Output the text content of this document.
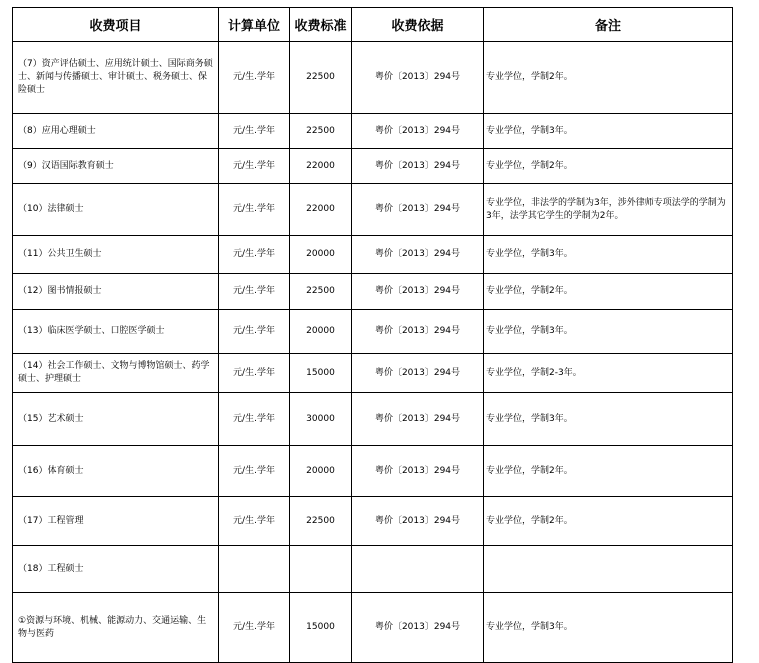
收费项目	计算单位	收费标准	收费依据	备注

（7）资产评估硕士、应用统计硕士、国际商务硕士、新闻与传播硕士、审计硕士、税务硕士、保险硕士	元/生.学年	22500	粤价〔2013〕294号	专业学位，学制2年。

（8）应用心理硕士	元/生.学年	22500	粤价〔2013〕294号	专业学位，学制3年。

（9）汉语国际教育硕士	元/生.学年	22000	粤价〔2013〕294号	专业学位，学制2年。

（10）法律硕士	元/生.学年	22000	粤价〔2013〕294号	专业学位，非法学的学制为3年，涉外律师专项法学的学制为3年，法学其它学生的学制为2年。

（11）公共卫生硕士	元/生.学年	20000	粤价〔2013〕294号	专业学位，学制3年。

（12）图书情报硕士	元/生.学年	22500	粤价〔2013〕294号	专业学位，学制2年。

（13）临床医学硕士、口腔医学硕士	元/生.学年	20000	粤价〔2013〕294号	专业学位，学制3年。

（14）社会工作硕士、文物与博物馆硕士、药学硕士、护理硕士	元/生.学年	15000	粤价〔2013〕294号	专业学位，学制2-3年。

（15）艺术硕士	元/生.学年	30000	粤价〔2013〕294号	专业学位，学制3年。

（16）体育硕士	元/生.学年	20000	粤价〔2013〕294号	专业学位，学制2年。

（17）工程管理	元/生.学年	22500	粤价〔2013〕294号	专业学位，学制2年。

（18）工程硕士				

①资源与环境、机械、能源动力、交通运输、生物与医药	元/生.学年	15000	粤价〔2013〕294号	专业学位，学制3年。
